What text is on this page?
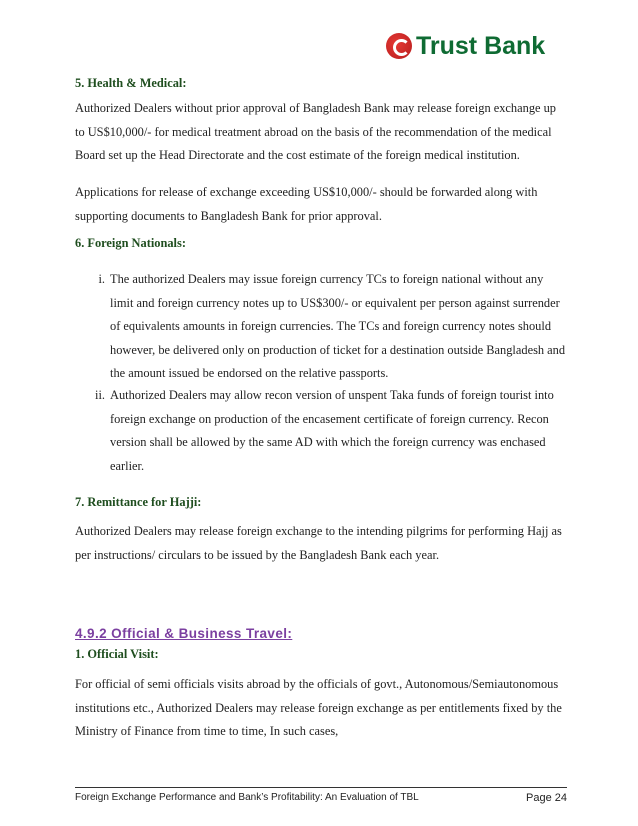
Trust Bank

5. Health & Medical:

Authorized Dealers without prior approval of Bangladesh Bank may release foreign exchange up to US$10,000/- for medical treatment abroad on the basis of the recommendation of the medical Board set up the Head Directorate and the cost estimate of the foreign medical institution.

Applications for release of exchange exceeding US$10,000/- should be forwarded along with supporting documents to Bangladesh Bank for prior approval.

6. Foreign Nationals:

i. The authorized Dealers may issue foreign currency TCs to foreign national without any limit and foreign currency notes up to US$300/- or equivalent per person against surrender of equivalents amounts in foreign currencies. The TCs and foreign currency notes should however, be delivered only on production of ticket for a destination outside Bangladesh and the amount issued be endorsed on the relative passports.
ii. Authorized Dealers may allow recon version of unspent Taka funds of foreign tourist into foreign exchange on production of the encasement certificate of foreign currency. Recon version shall be allowed by the same AD with which the foreign currency was enchased earlier.

7. Remittance for Hajji:

Authorized Dealers may release foreign exchange to the intending pilgrims for performing Hajj as per instructions/ circulars to be issued by the Bangladesh Bank each year.

4.9.2 Official & Business Travel:

1. Official Visit:

For official of semi officials visits abroad by the officials of govt., Autonomous/Semiautonomous institutions etc., Authorized Dealers may release foreign exchange as per entitlements fixed by the Ministry of Finance from time to time, In such cases,

Foreign Exchange Performance and Bank’s Profitability: An Evaluation of TBL	Page 24
